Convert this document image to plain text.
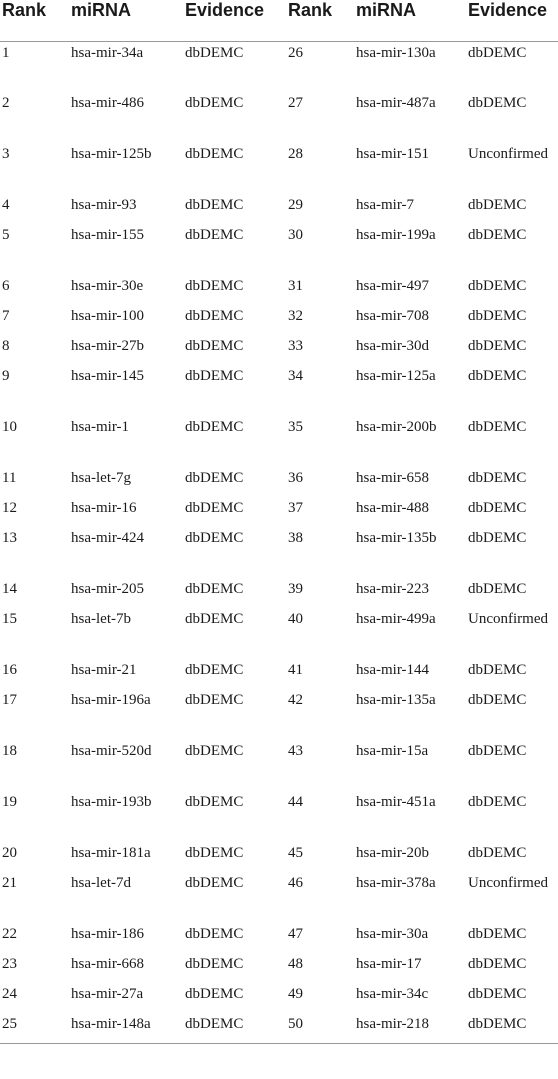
Rank	miRNA	Evidence	Rank	miRNA	Evidence
1	hsa-mir-34a	dbDEMC	26	hsa-mir-130a	dbDEMC
2	hsa-mir-486	dbDEMC	27	hsa-mir-487a	dbDEMC
3	hsa-mir-125b	dbDEMC	28	hsa-mir-151	Unconfirmed
4	hsa-mir-93	dbDEMC	29	hsa-mir-7	dbDEMC
5	hsa-mir-155	dbDEMC	30	hsa-mir-199a	dbDEMC
6	hsa-mir-30e	dbDEMC	31	hsa-mir-497	dbDEMC
7	hsa-mir-100	dbDEMC	32	hsa-mir-708	dbDEMC
8	hsa-mir-27b	dbDEMC	33	hsa-mir-30d	dbDEMC
9	hsa-mir-145	dbDEMC	34	hsa-mir-125a	dbDEMC
10	hsa-mir-1	dbDEMC	35	hsa-mir-200b	dbDEMC
11	hsa-let-7g	dbDEMC	36	hsa-mir-658	dbDEMC
12	hsa-mir-16	dbDEMC	37	hsa-mir-488	dbDEMC
13	hsa-mir-424	dbDEMC	38	hsa-mir-135b	dbDEMC
14	hsa-mir-205	dbDEMC	39	hsa-mir-223	dbDEMC
15	hsa-let-7b	dbDEMC	40	hsa-mir-499a	Unconfirmed
16	hsa-mir-21	dbDEMC	41	hsa-mir-144	dbDEMC
17	hsa-mir-196a	dbDEMC	42	hsa-mir-135a	dbDEMC
18	hsa-mir-520d	dbDEMC	43	hsa-mir-15a	dbDEMC
19	hsa-mir-193b	dbDEMC	44	hsa-mir-451a	dbDEMC
20	hsa-mir-181a	dbDEMC	45	hsa-mir-20b	dbDEMC
21	hsa-let-7d	dbDEMC	46	hsa-mir-378a	Unconfirmed
22	hsa-mir-186	dbDEMC	47	hsa-mir-30a	dbDEMC
23	hsa-mir-668	dbDEMC	48	hsa-mir-17	dbDEMC
24	hsa-mir-27a	dbDEMC	49	hsa-mir-34c	dbDEMC
25	hsa-mir-148a	dbDEMC	50	hsa-mir-218	dbDEMC
